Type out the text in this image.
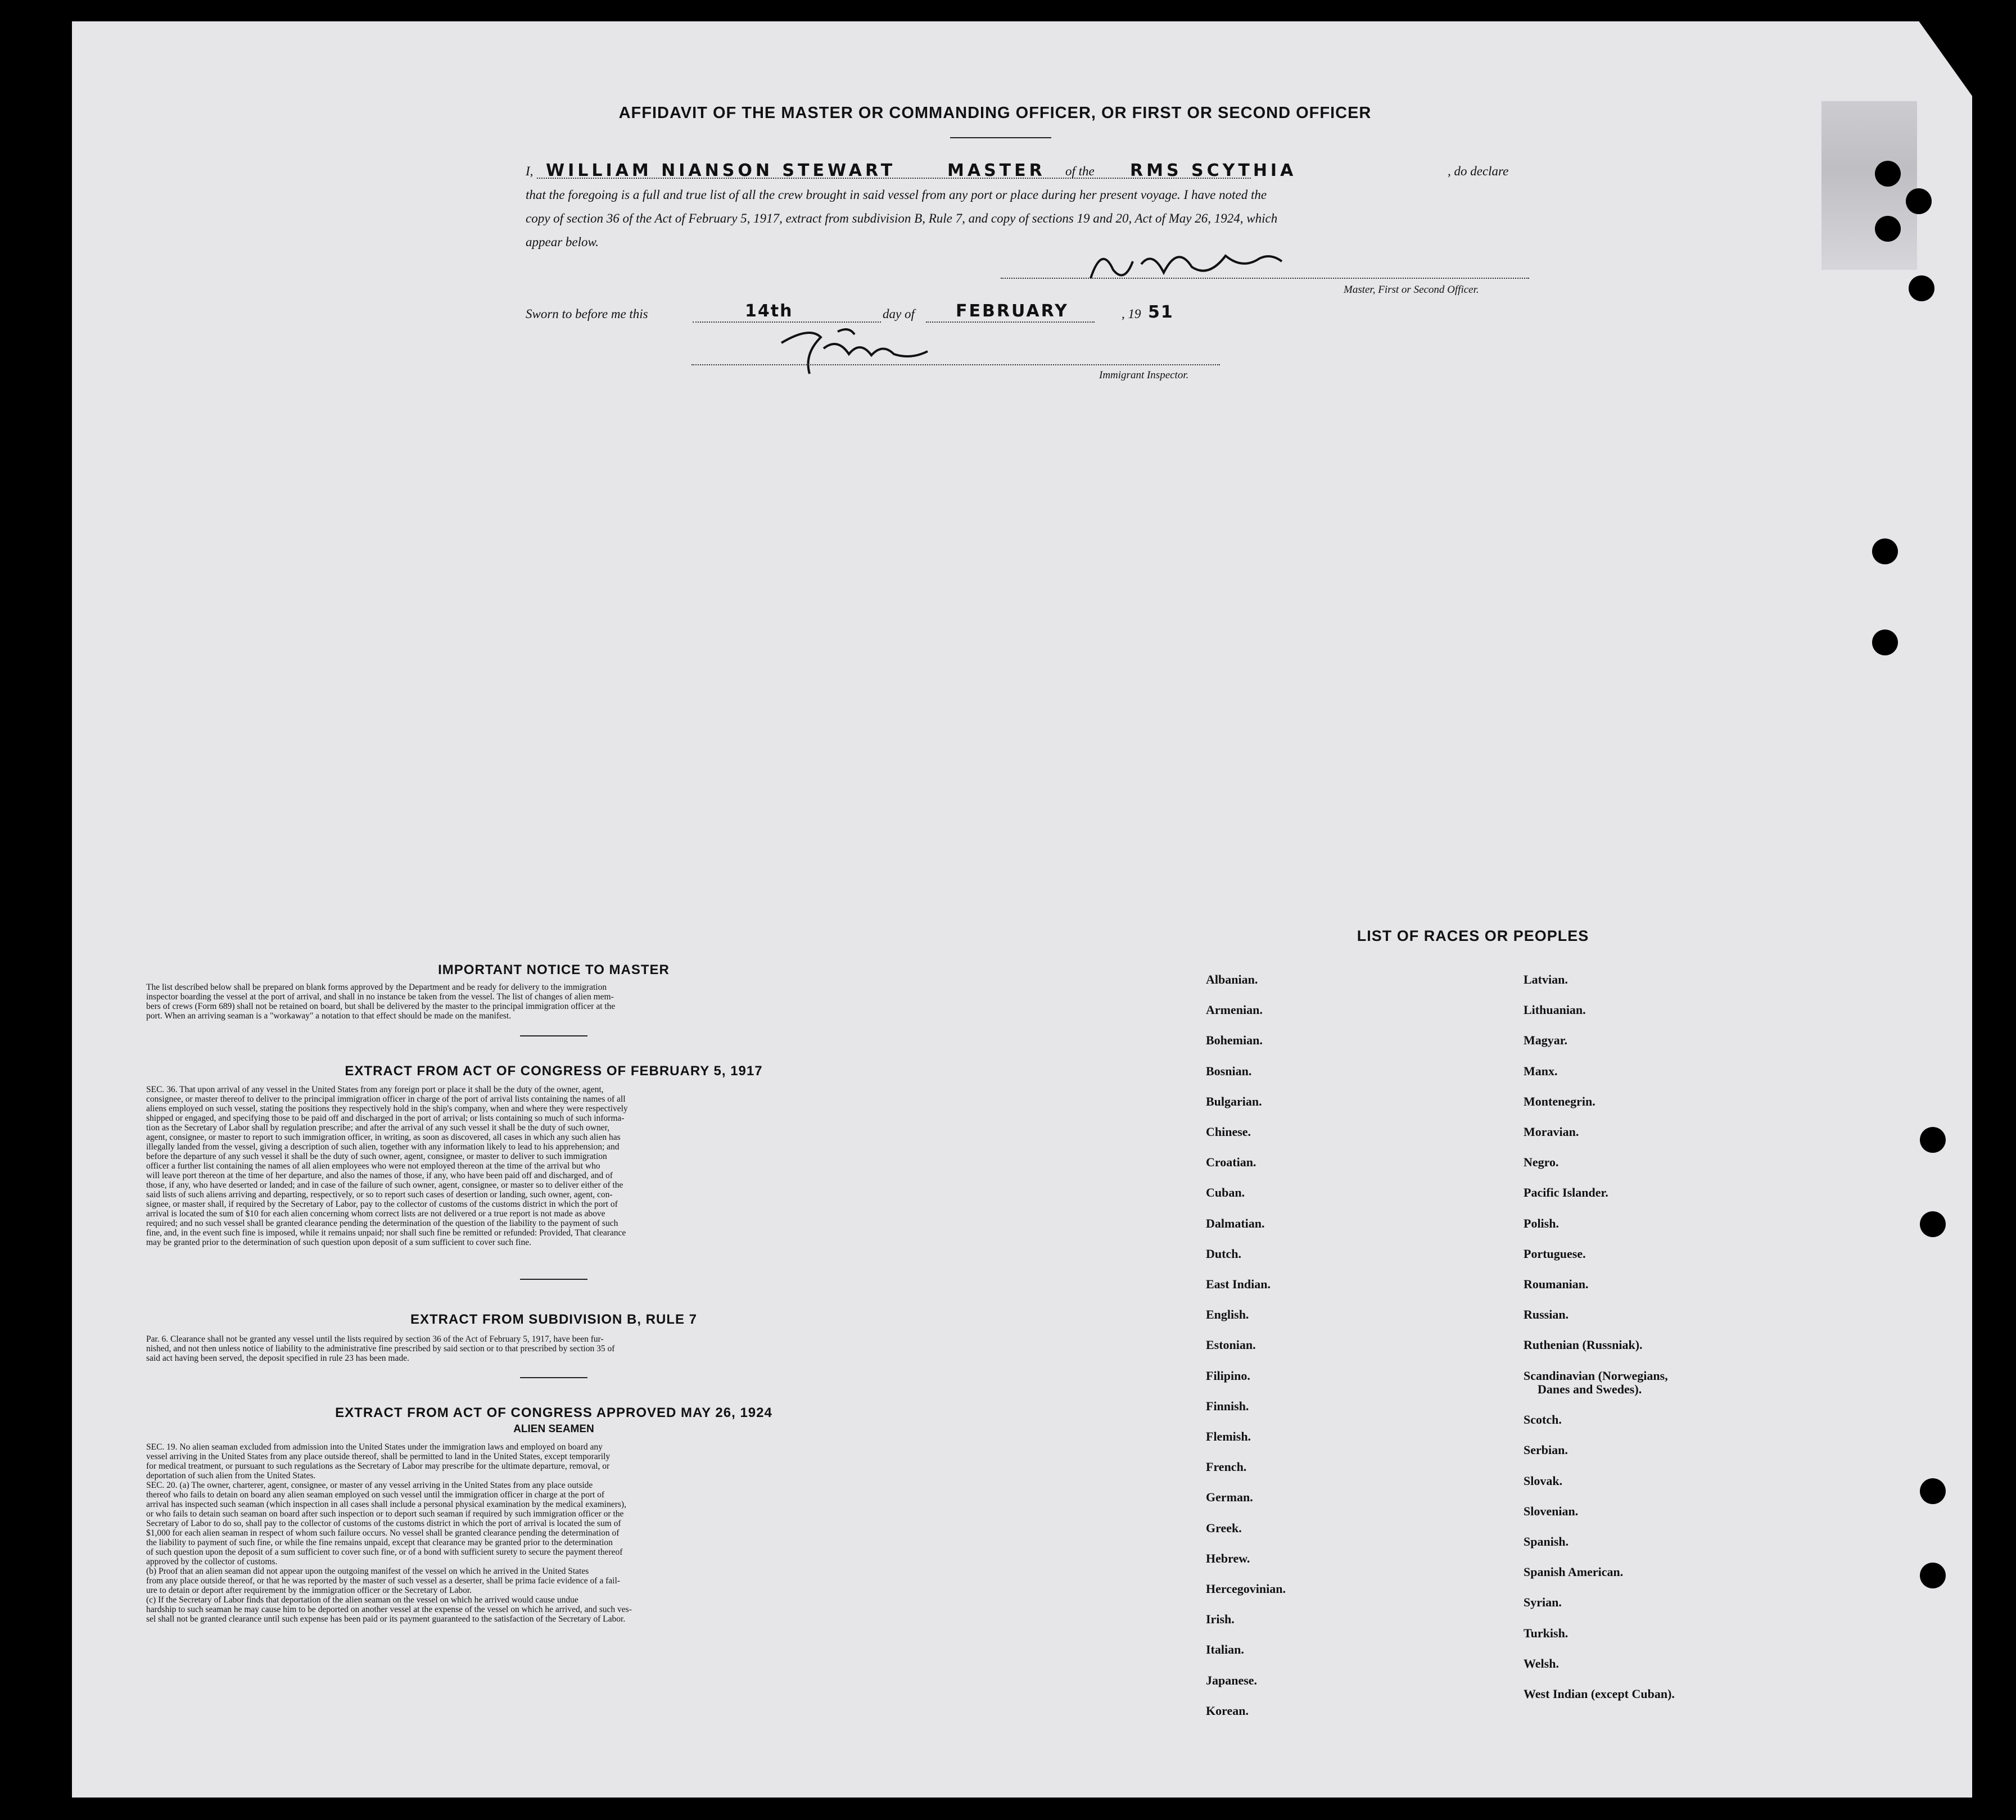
AFFIDAVIT OF THE MASTER OR COMMANDING OFFICER, OR FIRST OR SECOND OFFICER
I, WILLIAM NIANSON STEWART	MASTER of the RMS SCYTHIA	, do declare
that the foregoing is a full and true list of all the crew brought in said vessel from any port or place during her present voyage. I have noted the
copy of section 36 of the Act of February 5, 1917, extract from subdivision B, Rule 7, and copy of sections 19 and 20, Act of May 26, 1924, which
appear below.
Master, First or Second Officer.
Sworn to before me this	14th	day of FEBRUARY	, 19 51
Immigrant Inspector.
IMPORTANT NOTICE TO MASTER
The list described below shall be prepared on blank forms approved by the Department and be ready for delivery to the immigration
inspector boarding the vessel at the port of arrival, and shall in no instance be taken from the vessel. The list of changes of alien mem-
bers of crews (Form 689) shall not be retained on board, but shall be delivered by the master to the principal immigration officer at the
port. When an arriving seaman is a "workaway" a notation to that effect should be made on the manifest.
EXTRACT FROM ACT OF CONGRESS OF FEBRUARY 5, 1917
SEC. 36. That upon arrival of any vessel in the United States from any foreign port or place it shall be the duty of the owner, agent,
consignee, or master thereof to deliver to the principal immigration officer in charge of the port of arrival lists containing the names of all
aliens employed on such vessel, stating the positions they respectively hold in the ship's company, when and where they were respectively
shipped or engaged, and specifying those to be paid off and discharged in the port of arrival; or lists containing so much of such informa-
tion as the Secretary of Labor shall by regulation prescribe; and after the arrival of any such vessel it shall be the duty of such owner,
agent, consignee, or master to report to such immigration officer, in writing, as soon as discovered, all cases in which any such alien has
illegally landed from the vessel, giving a description of such alien, together with any information likely to lead to his apprehension; and
before the departure of any such vessel it shall be the duty of such owner, agent, consignee, or master to deliver to such immigration
officer a further list containing the names of all alien employees who were not employed thereon at the time of the arrival but who
will leave port thereon at the time of her departure, and also the names of those, if any, who have been paid off and discharged, and of
those, if any, who have deserted or landed; and in case of the failure of such owner, agent, consignee, or master so to deliver either of the
said lists of such aliens arriving and departing, respectively, or so to report such cases of desertion or landing, such owner, agent, con-
signee, or master shall, if required by the Secretary of Labor, pay to the collector of customs of the customs district in which the port of
arrival is located the sum of $10 for each alien concerning whom correct lists are not delivered or a true report is not made as above
required; and no such vessel shall be granted clearance pending the determination of the question of the liability to the payment of such
fine, and, in the event such fine is imposed, while it remains unpaid; nor shall such fine be remitted or refunded: Provided, That clearance
may be granted prior to the determination of such question upon deposit of a sum sufficient to cover such fine.
EXTRACT FROM SUBDIVISION B, RULE 7
Par. 6. Clearance shall not be granted any vessel until the lists required by section 36 of the Act of February 5, 1917, have been fur-
nished, and not then unless notice of liability to the administrative fine prescribed by said section or to that prescribed by section 35 of
said act having been served, the deposit specified in rule 23 has been made.
EXTRACT FROM ACT OF CONGRESS APPROVED MAY 26, 1924
ALIEN SEAMEN
SEC. 19. No alien seaman excluded from admission into the United States under the immigration laws and employed on board any
vessel arriving in the United States from any place outside thereof, shall be permitted to land in the United States, except temporarily
for medical treatment, or pursuant to such regulations as the Secretary of Labor may prescribe for the ultimate departure, removal, or
deportation of such alien from the United States.
SEC. 20. (a) The owner, charterer, agent, consignee, or master of any vessel arriving in the United States from any place outside
thereof who fails to detain on board any alien seaman employed on such vessel until the immigration officer in charge at the port of
arrival has inspected such seaman (which inspection in all cases shall include a personal physical examination by the medical examiners),
or who fails to detain such seaman on board after such inspection or to deport such seaman if required by such immigration officer or the
Secretary of Labor to do so, shall pay to the collector of customs of the customs district in which the port of arrival is located the sum of
$1,000 for each alien seaman in respect of whom such failure occurs. No vessel shall be granted clearance pending the determination of
the liability to payment of such fine, or while the fine remains unpaid, except that clearance may be granted prior to the determination
of such question upon the deposit of a sum sufficient to cover such fine, or of a bond with sufficient surety to secure the payment thereof
approved by the collector of customs.
(b) Proof that an alien seaman did not appear upon the outgoing manifest of the vessel on which he arrived in the United States
from any place outside thereof, or that he was reported by the master of such vessel as a deserter, shall be prima facie evidence of a fail-
ure to detain or deport after requirement by the immigration officer or the Secretary of Labor.
(c) If the Secretary of Labor finds that deportation of the alien seaman on the vessel on which he arrived would cause undue
hardship to such seaman he may cause him to be deported on another vessel at the expense of the vessel on which he arrived, and such ves-
sel shall not be granted clearance until such expense has been paid or its payment guaranteed to the satisfaction of the Secretary of Labor.
LIST OF RACES OR PEOPLES
Albanian.
Armenian.
Bohemian.
Bosnian.
Bulgarian.
Chinese.
Croatian.
Cuban.
Dalmatian.
Dutch.
East Indian.
English.
Estonian.
Filipino.
Finnish.
Flemish.
French.
German.
Greek.
Hebrew.
Hercegovinian.
Irish.
Italian.
Japanese.
Korean.
Latvian.
Lithuanian.
Magyar.
Manx.
Montenegrin.
Moravian.
Negro.
Pacific Islander.
Polish.
Portuguese.
Roumanian.
Russian.
Ruthenian (Russniak).
Scandinavian (Norwegians,
Danes and Swedes).
Scotch.
Serbian.
Slovak.
Slovenian.
Spanish.
Spanish American.
Syrian.
Turkish.
Welsh.
West Indian (except Cuban).
